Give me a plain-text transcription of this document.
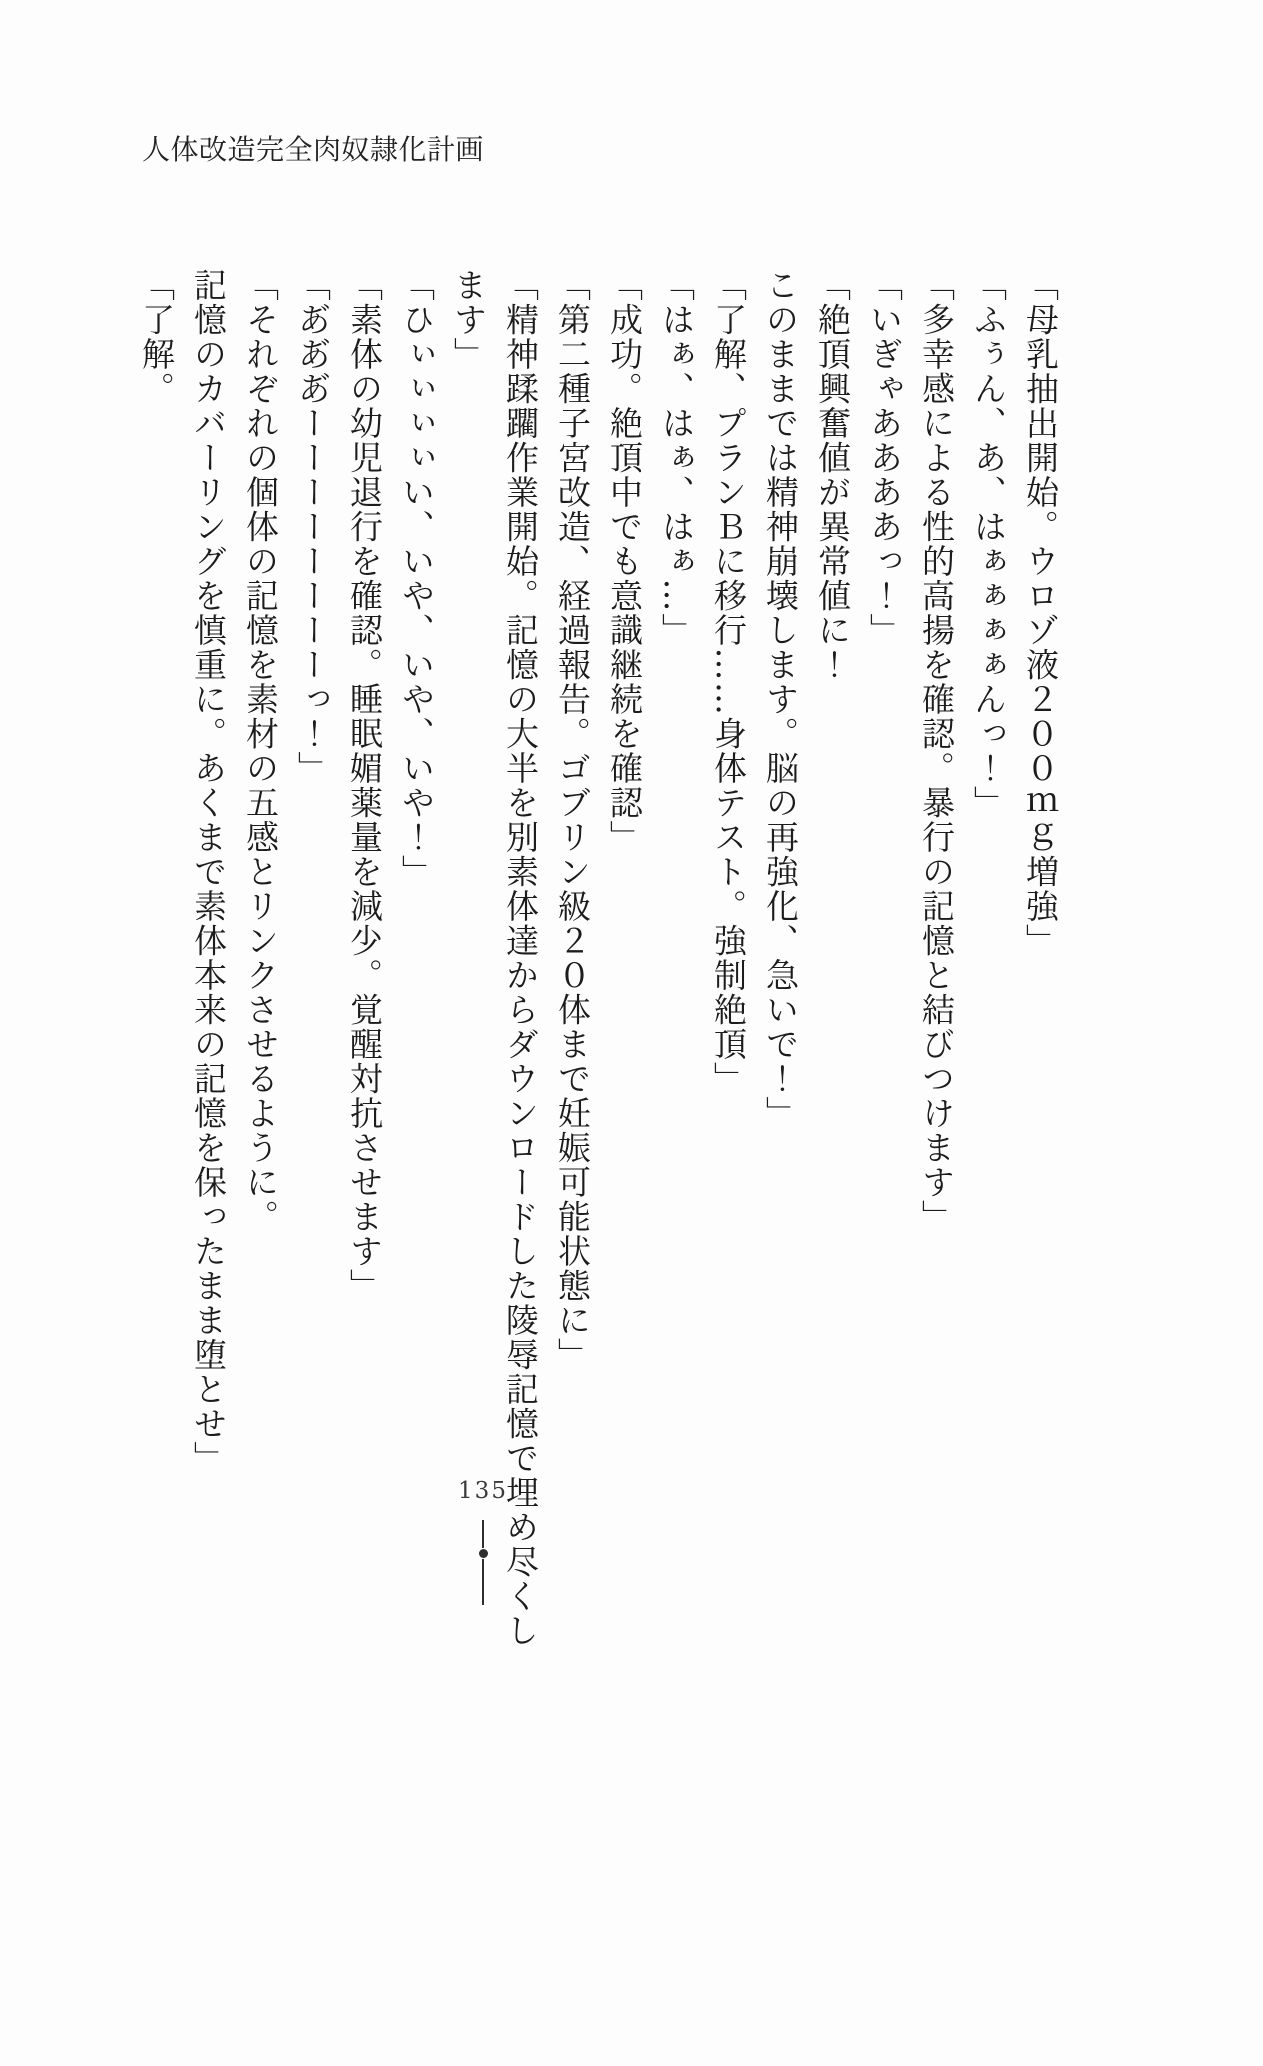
人体改造完全肉奴隷化計画

「母乳抽出開始。ウロゾ液２００ｍｇ増強」

「ふぅん、あ、はぁぁぁぁんっ！」

「多幸感による性的高揚を確認。暴行の記憶と結びつけます」

「いぎゃああああっ！」

「絶頂興奮値が異常値に！

このままでは精神崩壊します。脳の再強化、急いで！」

「了解、プランＢに移行……身体テスト。強制絶頂」

「はぁ、はぁ、はぁ…」

「成功。絶頂中でも意識継続を確認」

「第二種子宮改造、経過報告。ゴブリン級２０体まで妊娠可能状態に」

「精神蹂躙作業開始。記憶の大半を別素体達からダウンロードした陵辱記憶で埋め尽くし

ます」

「ひぃぃぃぃい、いや、いや、いや！」

「素体の幼児退行を確認。睡眠媚薬量を減少。覚醒対抗させます」

「あ゙あ゙あ゙ーーーーーーーーっ！」

「それぞれの個体の記憶を素材の五感とリンクさせるように。

記憶のカバーリングを慎重に。あくまで素体本来の記憶を保ったまま堕とせ」

「了解。

135
